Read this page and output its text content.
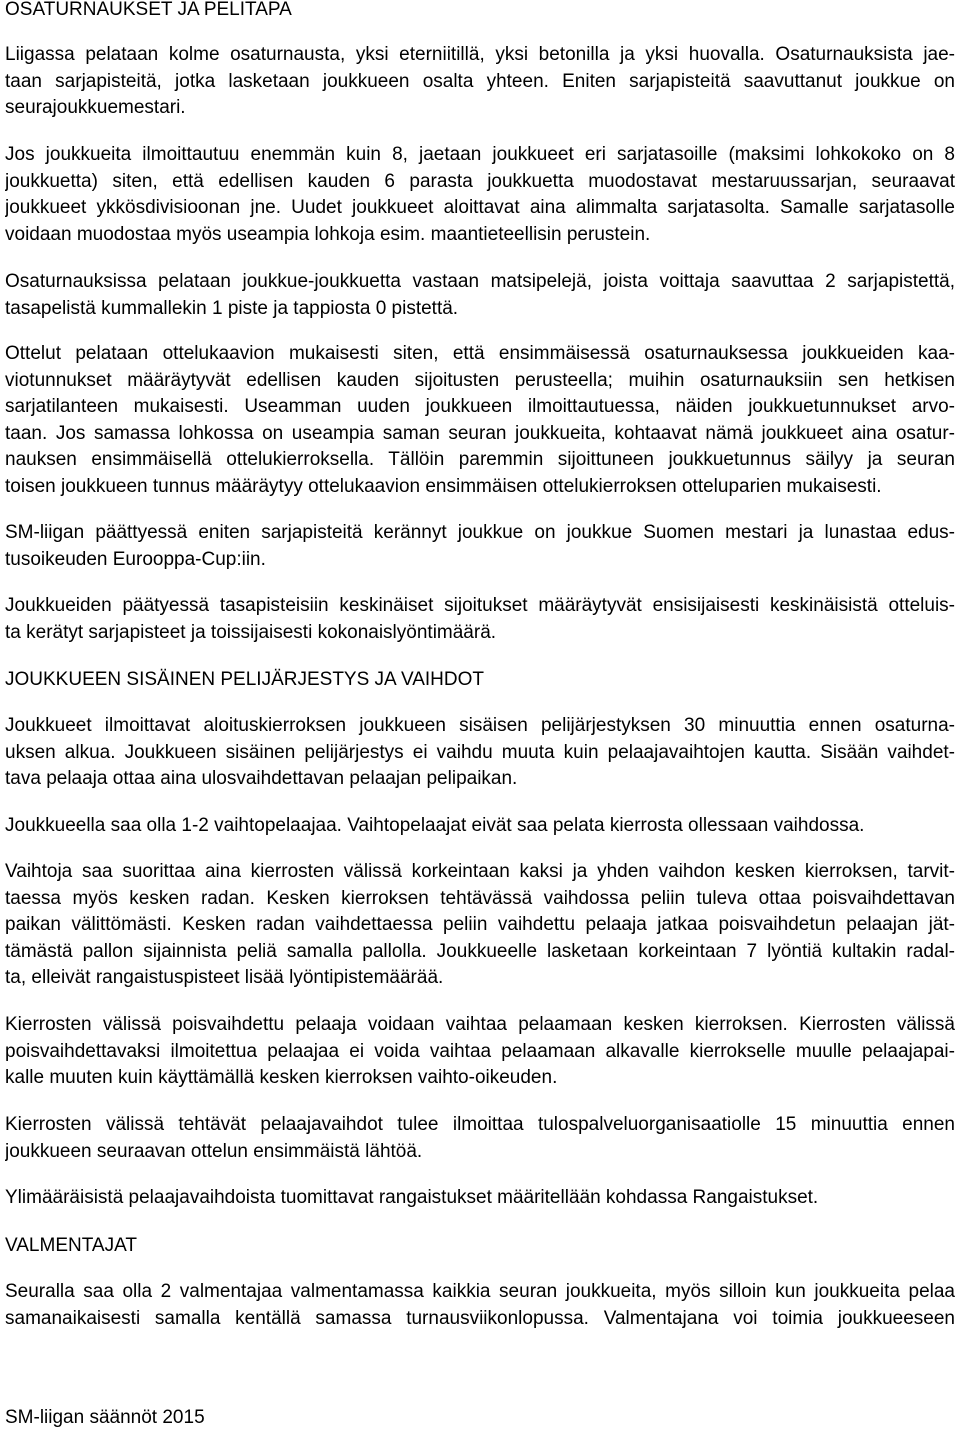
OSATURNAUKSET JA PELITAPA
Liigassa pelataan kolme osaturnausta, yksi eterniitillä, yksi betonilla ja yksi huovalla. Osaturnauksista jae-
taan sarjapisteitä, jotka lasketaan joukkueen osalta yhteen. Eniten sarjapisteitä saavuttanut joukkue on
seurajoukkuemestari.
Jos joukkueita ilmoittautuu enemmän kuin 8, jaetaan joukkueet eri sarjatasoille (maksimi lohkokoko on 8
joukkuetta) siten, että edellisen kauden 6 parasta joukkuetta muodostavat mestaruussarjan, seuraavat
joukkueet ykkösdivisioonan jne. Uudet joukkueet aloittavat aina alimmalta sarjatasolta. Samalle sarjatasolle
voidaan muodostaa myös useampia lohkoja esim. maantieteellisin perustein.
Osaturnauksissa pelataan joukkue-joukkuetta vastaan matsipelejä, joista voittaja saavuttaa 2 sarjapistettä,
tasapelistä kummallekin 1 piste ja tappiosta 0 pistettä.
Ottelut pelataan ottelukaavion mukaisesti siten, että ensimmäisessä osaturnauksessa joukkueiden kaa-
viotunnukset määräytyvät edellisen kauden sijoitusten perusteella; muihin osaturnauksiin sen hetkisen
sarjatilanteen mukaisesti. Useamman uuden joukkueen ilmoittautuessa, näiden joukkuetunnukset arvo-
taan. Jos samassa lohkossa on useampia saman seuran joukkueita, kohtaavat nämä joukkueet aina osatur-
nauksen ensimmäisellä ottelukierroksella. Tällöin paremmin sijoittuneen joukkuetunnus säilyy ja seuran
toisen joukkueen tunnus määräytyy ottelukaavion ensimmäisen ottelukierroksen otteluparien mukaisesti.
SM-liigan päättyessä eniten sarjapisteitä kerännyt joukkue on joukkue Suomen mestari ja lunastaa edus-
tusoikeuden Eurooppa-Cup:iin.
Joukkueiden päätyessä tasapisteisiin keskinäiset sijoitukset määräytyvät ensisijaisesti keskinäisistä otteluis-
ta kerätyt sarjapisteet ja toissijaisesti kokonaislyöntimäärä.
JOUKKUEEN SISÄINEN PELIJÄRJESTYS JA VAIHDOT
Joukkueet ilmoittavat aloituskierroksen joukkueen sisäisen pelijärjestyksen 30 minuuttia ennen osaturna-
uksen alkua. Joukkueen sisäinen pelijärjestys ei vaihdu muuta kuin pelaajavaihtojen kautta. Sisään vaihdet-
tava pelaaja ottaa aina ulosvaihdettavan pelaajan pelipaikan.
Joukkueella saa olla 1-2 vaihtopelaajaa. Vaihtopelaajat eivät saa pelata kierrosta ollessaan vaihdossa.
Vaihtoja saa suorittaa aina kierrosten välissä korkeintaan kaksi ja yhden vaihdon kesken kierroksen, tarvit-
taessa myös kesken radan. Kesken kierroksen tehtävässä vaihdossa peliin tuleva ottaa poisvaihdettavan
paikan välittömästi. Kesken radan vaihdettaessa peliin vaihdettu pelaaja jatkaa poisvaihdetun pelaajan jät-
tämästä pallon sijainnista peliä samalla pallolla. Joukkueelle lasketaan korkeintaan 7 lyöntiä kultakin radal-
ta, elleivät rangaistuspisteet lisää lyöntipistemäärää.
Kierrosten välissä poisvaihdettu pelaaja voidaan vaihtaa pelaamaan kesken kierroksen. Kierrosten välissä
poisvaihdettavaksi ilmoitettua pelaajaa ei voida vaihtaa pelaamaan alkavalle kierrokselle muulle pelaajapai-
kalle muuten kuin käyttämällä kesken kierroksen vaihto-oikeuden.
Kierrosten välissä tehtävät pelaajavaihdot tulee ilmoittaa tulospalveluorganisaatiolle 15 minuuttia ennen
joukkueen seuraavan ottelun ensimmäistä lähtöä.
Ylimääräisistä pelaajavaihdoista tuomittavat rangaistukset määritellään kohdassa Rangaistukset.
VALMENTAJAT
Seuralla saa olla 2 valmentajaa valmentamassa kaikkia seuran joukkueita, myös silloin kun joukkueita pelaa
samanaikaisesti samalla kentällä samassa turnausviikonlopussa. Valmentajana voi toimia joukkueeseen
SM-liigan säännöt 2015
